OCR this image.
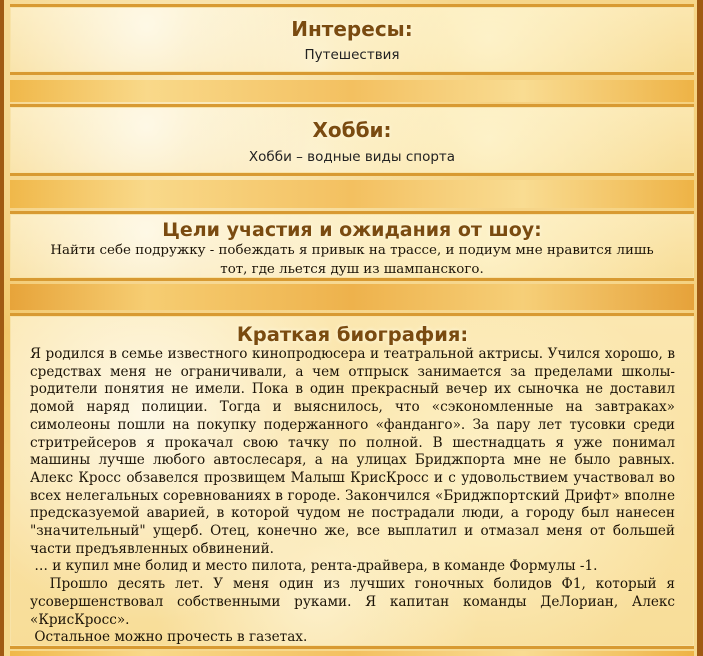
Интересы:
Путешествия
Хобби:
Хобби – водные виды спорта
Цели участия и ожидания от шоу:
Найти себе подружку - побеждать я привык на трассе, и подиум мне нравится лишь тот, где льется душ из шампанского.
Краткая биография:

Я родился в семье известного кинопродюсера и театральной актрисы. Учился хорошо, в средствах меня не ограничивали, а чем отпрыск занимается за пределами школы-родители понятия не имели. Пока в один прекрасный вечер их сыночка не доставил домой наряд полиции. Тогда и выяснилось, что «сэкономленные на завтраках» симолеоны пошли на покупку подержанного «фанданго». За пару лет тусовки среди стритрейсеров я прокачал свою тачку по полной. В шестнадцать я уже понимал машины лучше любого автослесаря, а на улицах Бриджпорта мне не было равных. Алекс Кросс обзавелся прозвищем Малыш КрисКросс и с удовольствием участвовал во всех нелегальных соревнованиях в городе. Закончился «Бриджпортский Дрифт» вполне предсказуемой аварией, в которой чудом не пострадали люди, а городу был нанесен "значительный" ущерб. Отец, конечно же, все выплатил и отмазал меня от большей части предъявленных обвинений.

… и купил мне болид и место пилота, рента-драйвера, в команде Формулы -1.

Прошло десять лет. У меня один из лучших гоночных болидов Ф1, который я усовершенствовал собственными руками. Я капитан команды ДеЛориан, Алекс «КрисКросс».

Остальное можно прочесть в газетах.
